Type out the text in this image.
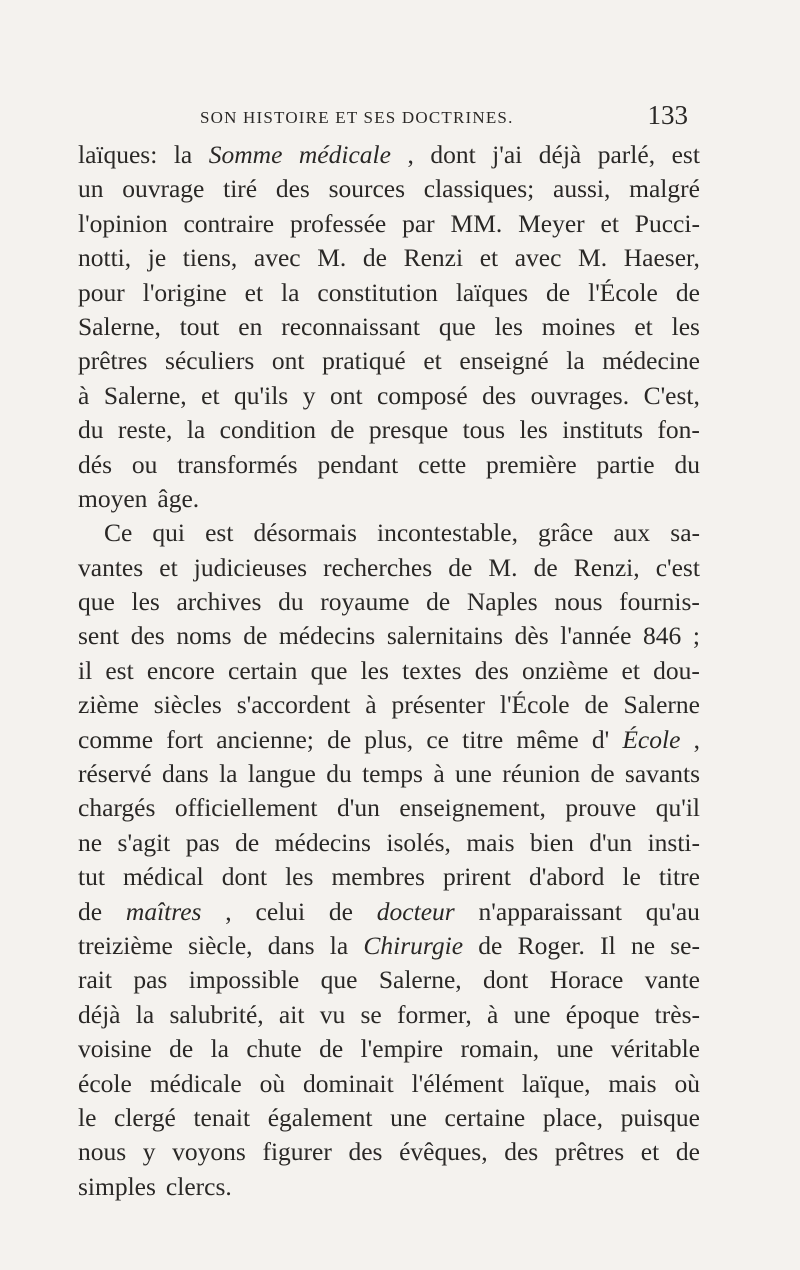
SON HISTOIRE ET SES DOCTRINES.	133
laïques: la Somme médicale , dont j'ai déjà parlé, est
un ouvrage tiré des sources classiques; aussi, malgré
l'opinion contraire professée par MM. Meyer et Pucci-
notti, je tiens, avec M. de Renzi et avec M. Haeser,
pour l'origine et la constitution laïques de l'École de
Salerne, tout en reconnaissant que les moines et les
prêtres séculiers ont pratiqué et enseigné la médecine
à Salerne, et qu'ils y ont composé des ouvrages. C'est,
du reste, la condition de presque tous les instituts fon-
dés ou transformés pendant cette première partie du
moyen âge.
Ce qui est désormais incontestable, grâce aux sa-
vantes et judicieuses recherches de M. de Renzi, c'est
que les archives du royaume de Naples nous fournis-
sent des noms de médecins salernitains dès l'année 846 ;
il est encore certain que les textes des onzième et dou-
zième siècles s'accordent à présenter l'École de Salerne
comme fort ancienne; de plus, ce titre même d' École ,
réservé dans la langue du temps à une réunion de savants
chargés officiellement d'un enseignement, prouve qu'il
ne s'agit pas de médecins isolés, mais bien d'un insti-
tut médical dont les membres prirent d'abord le titre
de maîtres , celui de docteur n'apparaissant qu'au
treizième siècle, dans la Chirurgie de Roger. Il ne se-
rait pas impossible que Salerne, dont Horace vante
déjà la salubrité, ait vu se former, à une époque très-
voisine de la chute de l'empire romain, une véritable
école médicale où dominait l'élément laïque, mais où
le clergé tenait également une certaine place, puisque
nous y voyons figurer des évêques, des prêtres et de
simples clercs.
